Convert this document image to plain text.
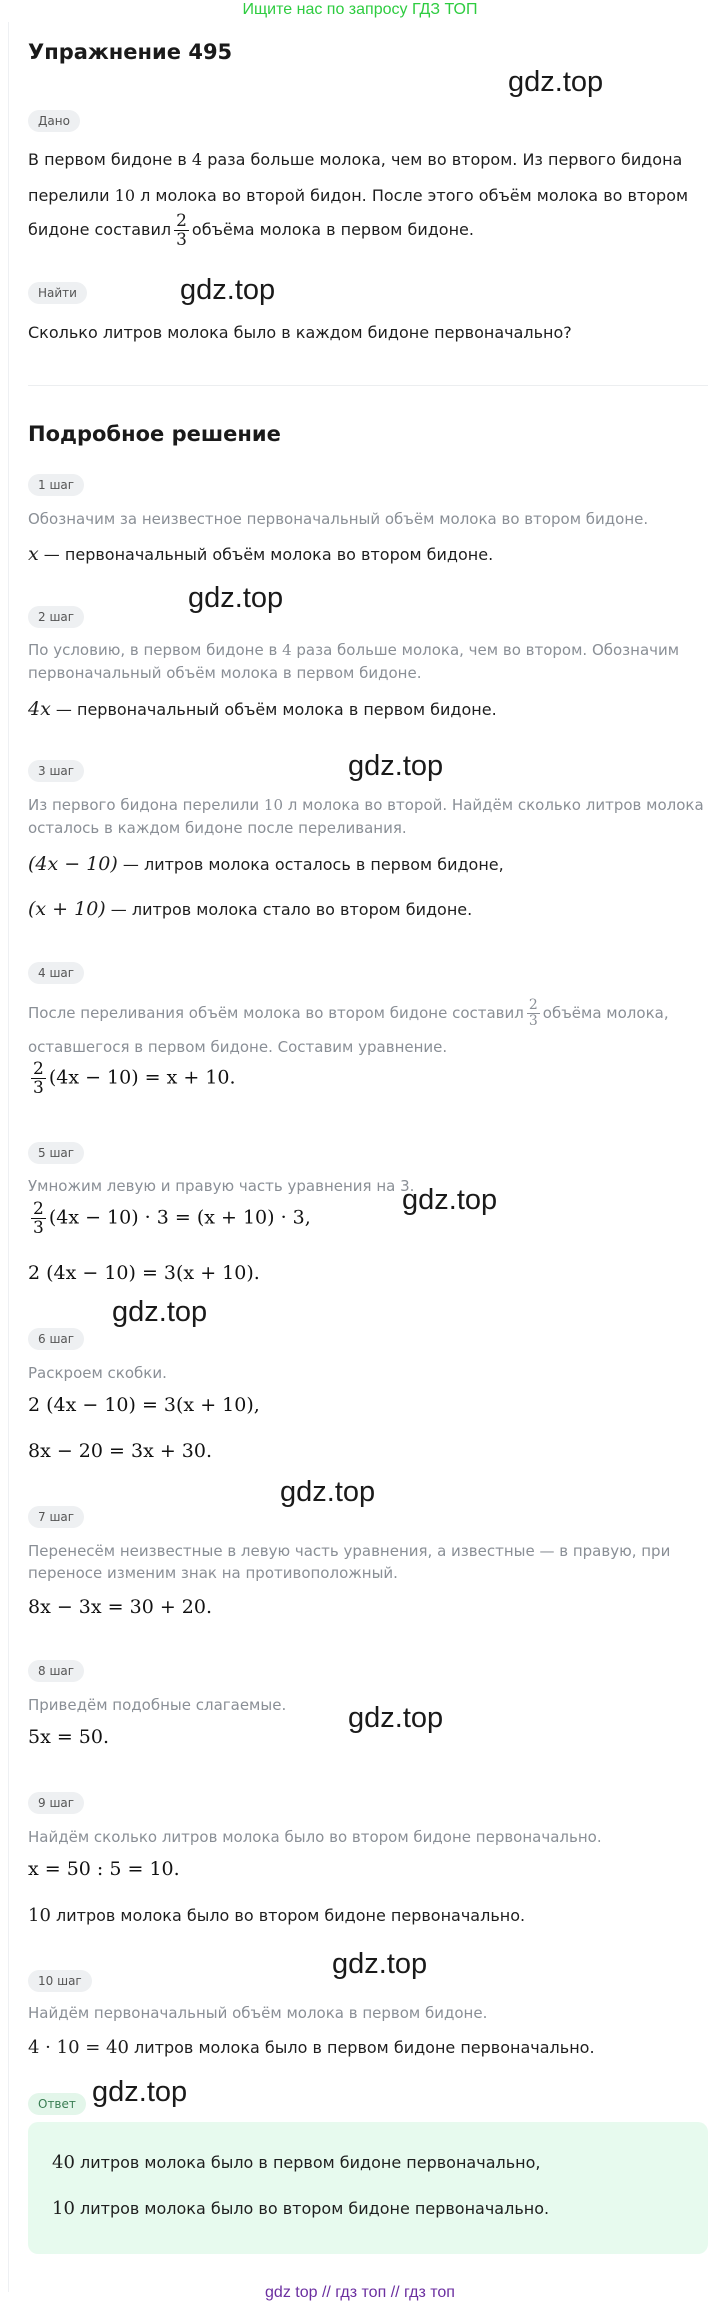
Ищите нас по запросу ГДЗ ТОП
Упражнение 495
Дано
В первом бидоне в 4 раза больше молока, чем во втором. Из первого бидона
перелили 10 л молока во второй бидон. После этого объём молока во втором
бидоне составил $\frac{2}{3}$ объёма молока в первом бидоне.
Найти
Сколько литров молока было в каждом бидоне первоначально?
Подробное решение
1 шаг
Обозначим за неизвестное первоначальный объём молока во втором бидоне.
x — первоначальный объём молока во втором бидоне.
2 шаг
По условию, в первом бидоне в 4 раза больше молока, чем во втором. Обозначим
первоначальный объём молока в первом бидоне.
4x — первоначальный объём молока в первом бидоне.
3 шаг
Из первого бидона перелили 10 л молока во второй. Найдём сколько литров молока
осталось в каждом бидоне после переливания.
(4x − 10) — литров молока осталось в первом бидоне,
(x + 10) — литров молока стало во втором бидоне.
4 шаг
После переливания объём молока во втором бидоне составил $\frac{2}{3}$ объёма молока,
оставшегося в первом бидоне. Составим уравнение.
$\frac{2}{3} (4x - 10) = x + 10$.
5 шаг
Умножим левую и правую часть уравнения на 3.
$\frac{2}{3} (4x - 10) \cdot 3 = (x + 10) \cdot 3$,
2 (4x − 10) = 3(x + 10).
6 шаг
Раскроем скобки.
2 (4x − 10) = 3(x + 10),
8x − 20 = 3x + 30.
7 шаг
Перенесём неизвестные в левую часть уравнения, а известные — в правую, при
переносе изменим знак на противоположный.
8x − 3x = 30 + 20.
8 шаг
Приведём подобные слагаемые.
5x = 50.
9 шаг
Найдём сколько литров молока было во втором бидоне первоначально.
x = 50 : 5 = 10.
10 литров молока было во втором бидоне первоначально.
10 шаг
Найдём первоначальный объём молока в первом бидоне.
4 · 10 = 40 литров молока было в первом бидоне первоначально.
Ответ
40 литров молока было в первом бидоне первоначально,
10 литров молока было во втором бидоне первоначально.
gdz.top
gdz.top
gdz.top
gdz.top
gdz.top
gdz.top
gdz.top
gdz.top
gdz.top
gdz.top
gdz top // гдз топ // гдз топ
